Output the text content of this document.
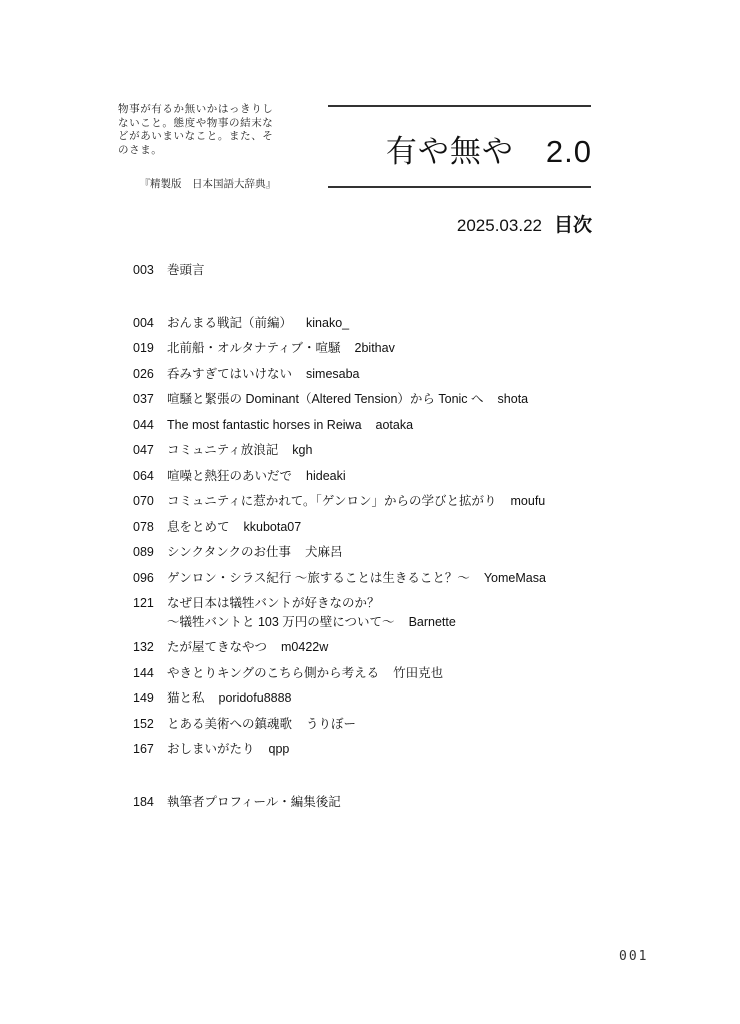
物事が有るか無いかはっきりし
ないこと。態度や物事の結末な
どがあいまいなこと。また、そ
のさま。
『精製版　日本国語大辞典』
有や無や 2.0
2025.03.22 目次
003	巻頭言
004	おんまる戦記（前編） kinako_
019	北前船・オルタナティブ・喧騒 2bithav
026	呑みすぎてはいけない simesaba
037	喧騒と緊張の Dominant（Altered Tension）から Tonic へ shota
044	The most fantastic horses in Reiwa aotaka
047	コミュニティ放浪記 kgh
064	喧噪と熱狂のあいだで hideaki
070	コミュニティに惹かれて。「ゲンロン」からの学びと拡がり moufu
078	息をとめて kkubota07
089	シンクタンクのお仕事 犬麻呂
096	ゲンロン・シラス紀行 〜旅することは生きること？〜 YomeMasa
121	なぜ日本は犠牲バントが好きなのか？
〜犠牲バントと 103 万円の壁について〜 Barnette
132	たが屋てきなやつ m0422w
144	やきとりキングのこちら側から考える 竹田克也
149	猫と私 poridofu8888
152	とある美術への鎮魂歌 うりぼー
167	おしまいがたり qpp
184	執筆者プロフィール・編集後記
001
